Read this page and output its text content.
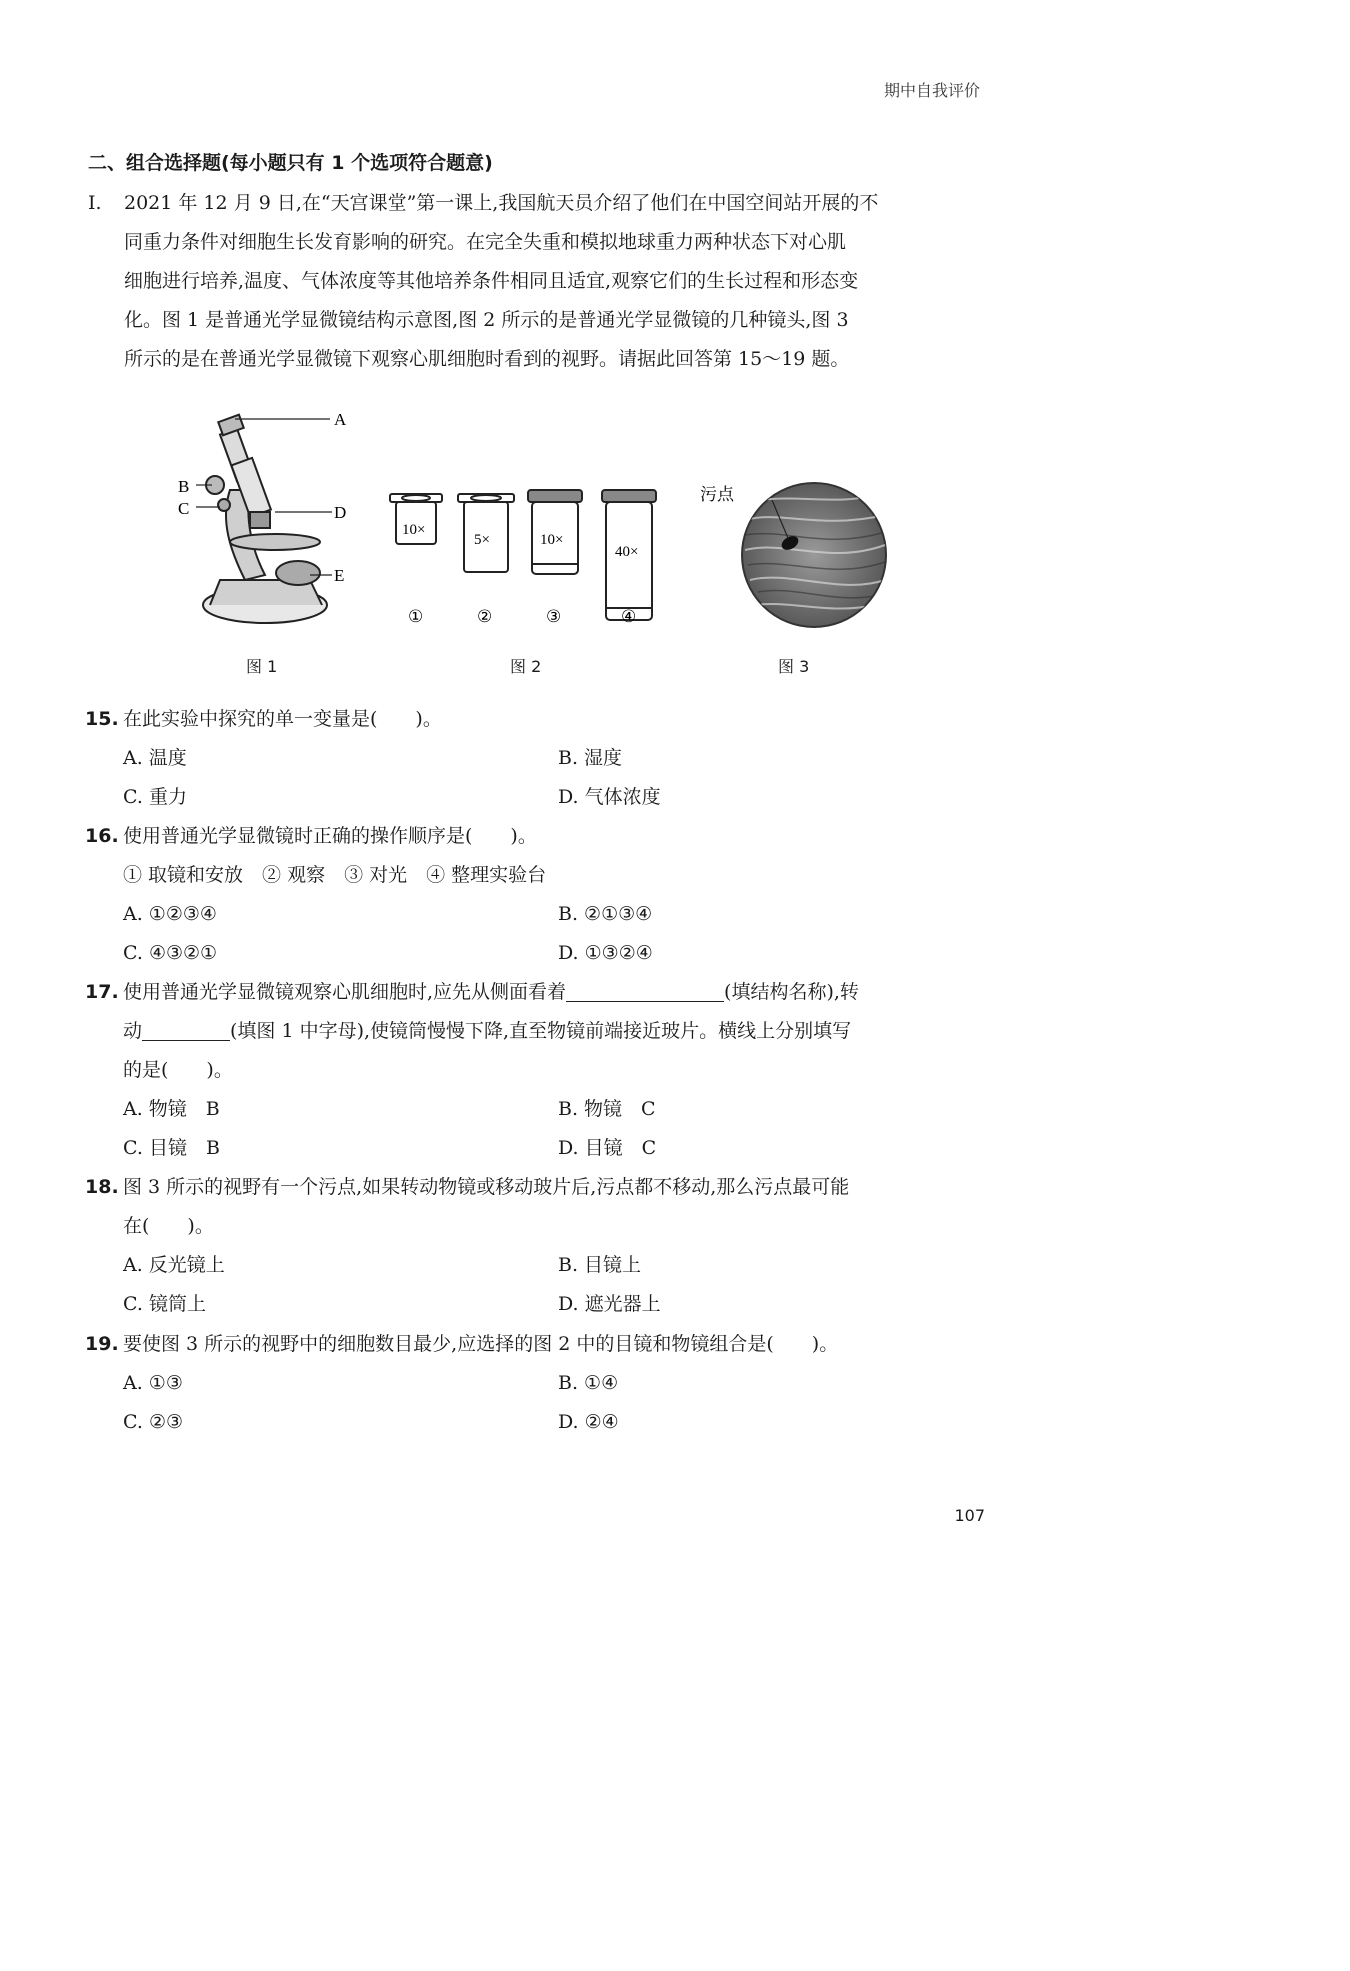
期中自我评价
二、组合选择题(每小题只有 1 个选项符合题意)
Ⅰ.	2021 年 12 月 9 日,在“天宫课堂”第一课上,我国航天员介绍了他们在中国空间站开展的不
同重力条件对细胞生长发育影响的研究。在完全失重和模拟地球重力两种状态下对心肌
细胞进行培养,温度、气体浓度等其他培养条件相同且适宜,观察它们的生长过程和形态变
化。图 1 是普通光学显微镜结构示意图,图 2 所示的是普通光学显微镜的几种镜头,图 3
所示的是在普通光学显微镜下观察心肌细胞时看到的视野。请据此回答第 15～19 题。
A
B
C	D
E
10×
5×	10×
40×
①	②	③	④
污点
图 1	图 2	图 3
15. 在此实验中探究的单一变量是(　　)。
A. 温度	B. 湿度
C. 重力	D. 气体浓度
16. 使用普通光学显微镜时正确的操作顺序是(　　)。
① 取镜和安放　② 观察　③ 对光　④ 整理实验台
A. ①②③④	B. ②①③④
C. ④③②①	D. ①③②④
17. 使用普通光学显微镜观察心肌细胞时,应先从侧面看着	(填结构名称),转
动	(填图 1 中字母),使镜筒慢慢下降,直至物镜前端接近玻片。横线上分别填写
的是(　　)。
A. 物镜　B	B. 物镜　C
C. 目镜　B	D. 目镜　C
18. 图 3 所示的视野有一个污点,如果转动物镜或移动玻片后,污点都不移动,那么污点最可能
在(　　)。
A. 反光镜上	B. 目镜上
C. 镜筒上	D. 遮光器上
19. 要使图 3 所示的视野中的细胞数目最少,应选择的图 2 中的目镜和物镜组合是(　　)。
A. ①③	B. ①④
C. ②③	D. ②④
107
